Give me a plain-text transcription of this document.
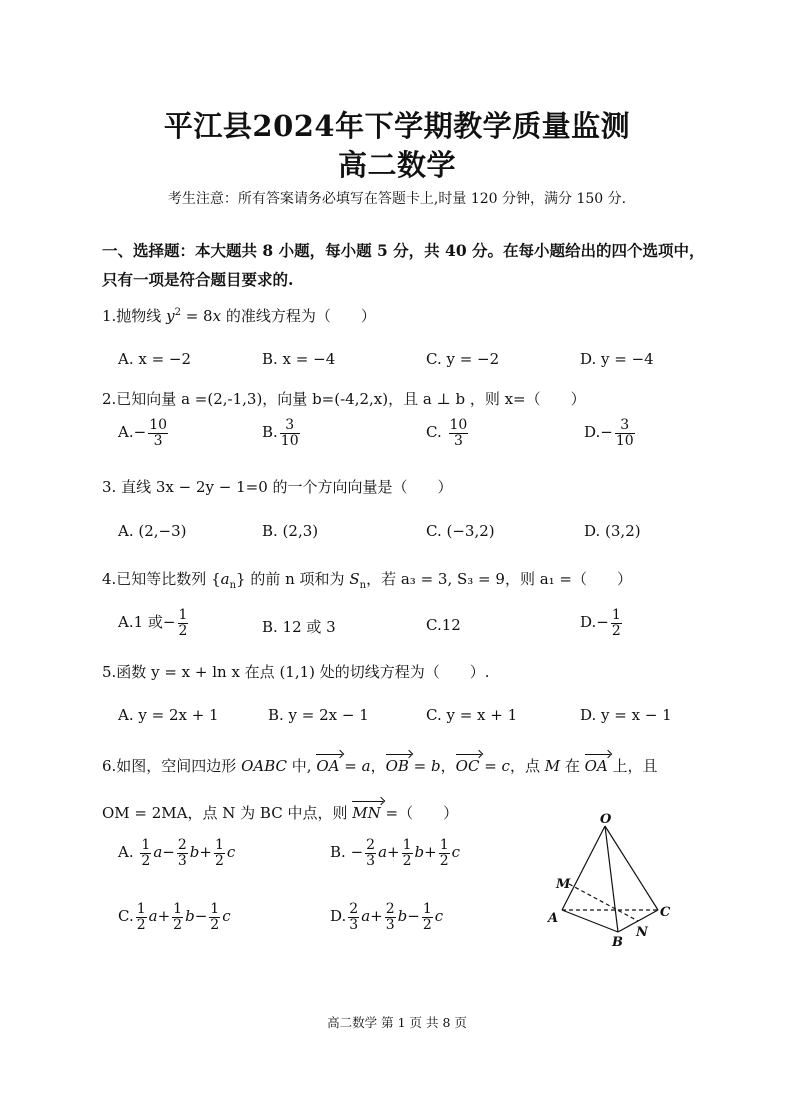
平江县2024年下学期教学质量监测
高二数学
考生注意：所有答案请务必填写在答题卡上,时量 120 分钟，满分 150 分.
一、选择题：本大题共 8 小题，每小题 5 分，共 40 分。在每小题给出的四个选项中，
只有一项是符合题目要求的.
1.抛物线 $y^2 = 8x$ 的准线方程为（　　）
A. x = −2	B. x = −4	C. y = −2	D. y = −4
2.已知向量 a =(2,-1,3)，向量 b=(-4,2,x)，且 a ⊥ b ，则 x=（　　）
$A.- \frac{10}{3}$	B. $\frac{3}{10}$	C. $\frac{10}{3}$	$D.- \frac{3}{10}$
3. 直线 3x − 2y − 1=0 的一个方向向量是（　　）
A. (2,−3)	B. (2,3)	C. (−3,2)	D. (3,2)
4.已知等比数列 $\{a_n\}$ 的前 n 项和为 $S_n$，若 a₃ = 3, S₃ = 9，则 a₁ =（　　）
A.1 或− $\frac{1}{2}$	B. 12 或 3	C.12	$D.- \frac{1}{2}$
5.函数 y = x + ln x 在点 (1,1) 处的切线方程为（　　）.
A. y = 2x + 1	B. y = 2x − 1	C. y = x + 1	D. y = x − 1
6.如图，空间四边形 OABC 中, OA = a，OB = b，OC = c，点 M 在 OA 上，且
OM = 2MA，点 N 为 BC 中点，则 MN =（　　）
A. $\frac{1}{2} a- \frac{2}{3} b+ \frac{1}{2}$ c	B. − $\frac{2}{3} a+ \frac{1}{2} b+ \frac{1}{2}$ c
C. $\frac{1}{2} a+ \frac{1}{2} b- \frac{1}{2}$ c	D. $\frac{2}{3} a+ \frac{2}{3} b- \frac{1}{2}$ c
O
M
A
B
N
C
高二数学 第 1 页 共 8 页
